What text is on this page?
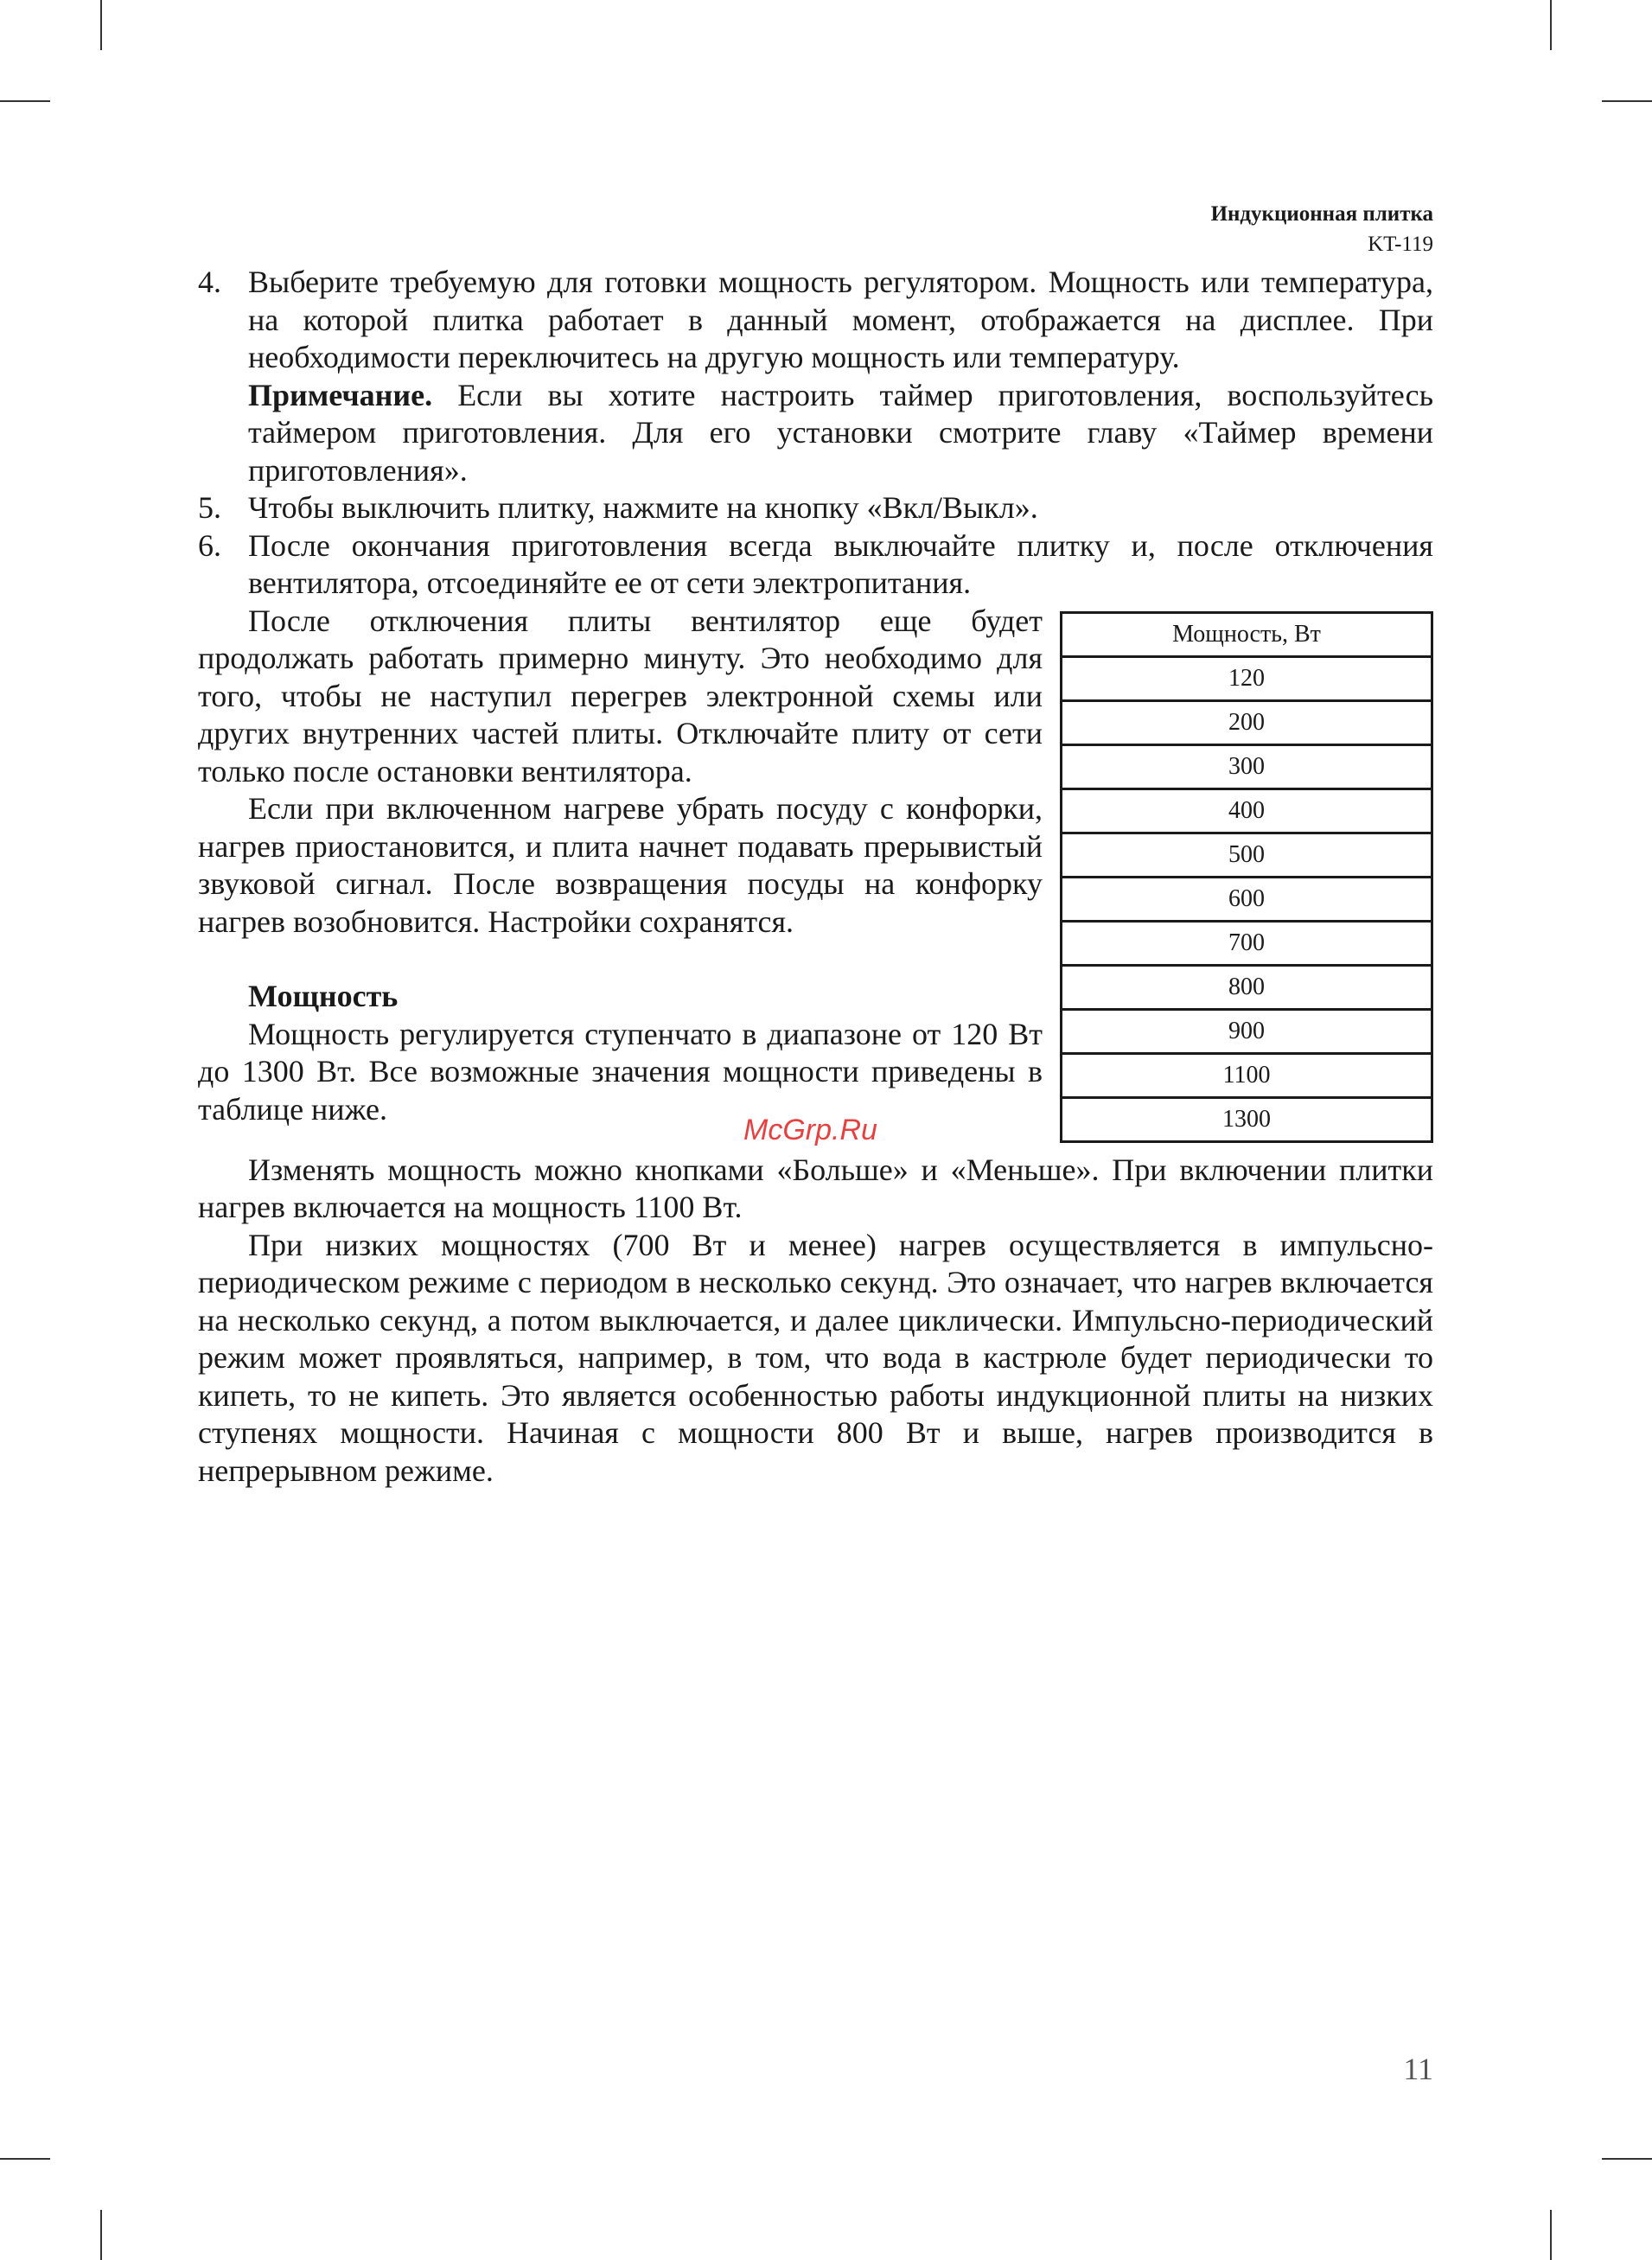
Индукционная плитка
KT-119
4. Выберите требуемую для готовки мощность регулятором. Мощность или температура, на которой плитка работает в данный момент, отображается на дисплее. При необходимости переключитесь на другую мощность или температуру.

Примечание. Если вы хотите настроить таймер приготовления, воспользуйтесь таймером приготовления. Для его установки смотрите главу «Таймер времени приготовления».

5. Чтобы выключить плитку, нажмите на кнопку «Вкл/Выкл».

6. После окончания приготовления всегда выключайте плитку и, после отключения вентилятора, отсоединяйте ее от сети электропитания.

Мощность, Вт
120
200
300
400
500
600
700
800
900
1100
1300

После отключения плиты вентилятор еще будет продолжать работать примерно минуту. Это необходимо для того, чтобы не наступил перегрев электронной схемы или других внутренних частей плиты. Отключайте плиту от сети только после остановки вентилятора.

Если при включенном нагреве убрать посуду с конфорки, нагрев приостановится, и плита начнет подавать прерывистый звуковой сигнал. После возвращения посуды на конфорку нагрев возобновится. Настройки сохранятся.

Мощность

Мощность регулируется ступенчато в диапазоне от 120 Вт до 1300 Вт. Все возможные значения мощности приведены в таблице ниже.

Изменять мощность можно кнопками «Больше» и «Меньше». При включении плитки нагрев включается на мощность 1100 Вт.

При низких мощностях (700 Вт и менее) нагрев осуществляется в импульсно-периодическом режиме с периодом в несколько секунд. Это означает, что нагрев включается на несколько секунд, а потом выключается, и далее циклически. Импульсно-периодический режим может проявляться, например, в том, что вода в кастрюле будет периодически то кипеть, то не кипеть. Это является особенностью работы индукционной плиты на низких ступенях мощности. Начиная с мощности 800 Вт и выше, нагрев производится в непрерывном режиме.

McGrp.Ru
11
